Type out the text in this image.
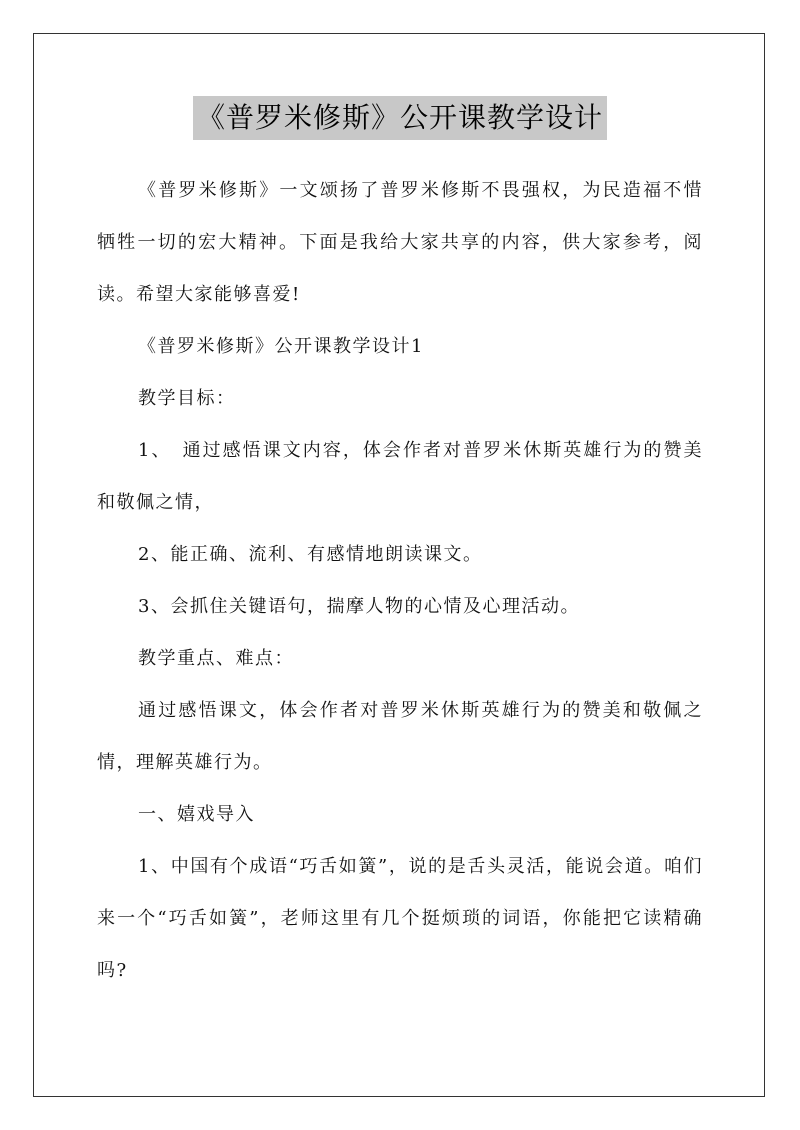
《普罗米修斯》公开课教学设计

《普罗米修斯》一文颂扬了普罗米修斯不畏强权，为民造福不惜牺牲一切的宏大精神。下面是我给大家共享的内容，供大家参考，阅读。希望大家能够喜爱!

《普罗米修斯》公开课教学设计1

教学目标：

1、　通过感悟课文内容，体会作者对普罗米休斯英雄行为的赞美和敬佩之情，

2、能正确、流利、有感情地朗读课文。

3、会抓住关键语句，揣摩人物的心情及心理活动。

教学重点、难点：

通过感悟课文，体会作者对普罗米休斯英雄行为的赞美和敬佩之情，理解英雄行为。

一、嬉戏导入

1、中国有个成语“巧舌如簧”，说的是舌头灵活，能说会道。咱们来一个“巧舌如簧”，老师这里有几个挺烦琐的词语，你能把它读精确吗?
